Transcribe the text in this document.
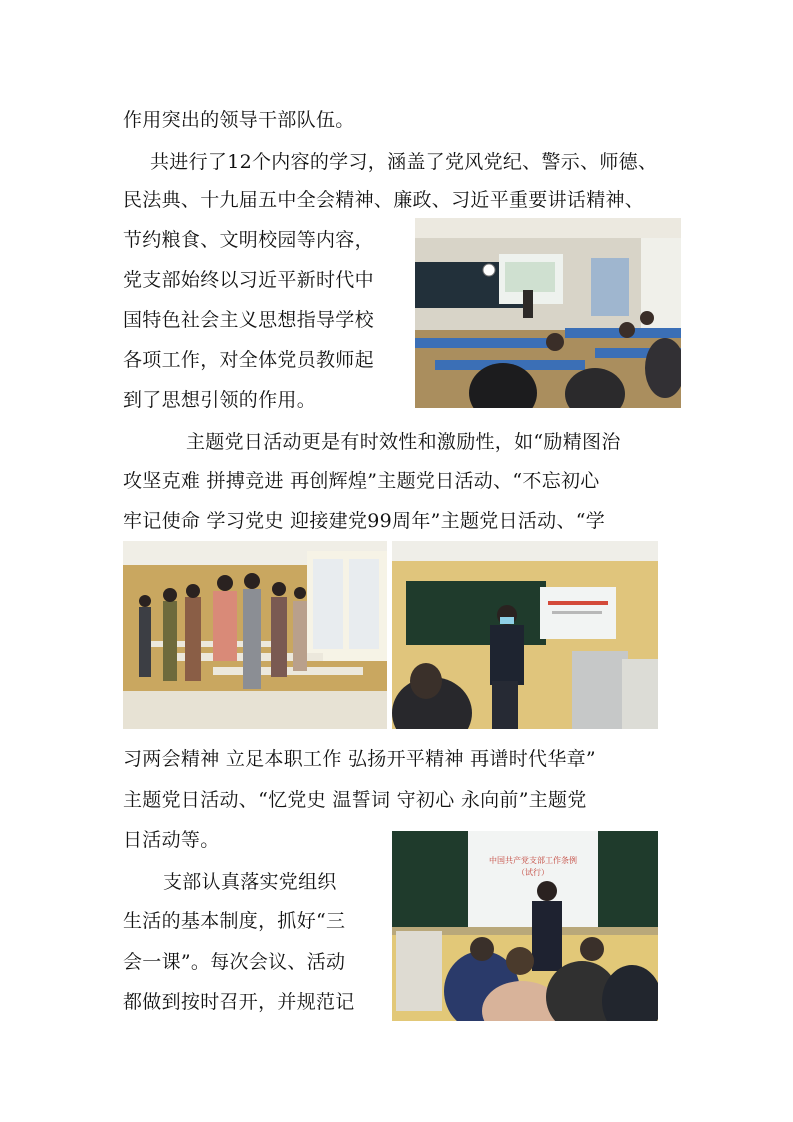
作用突出的领导干部队伍。
共进行了12个内容的学习，涵盖了党风党纪、警示、师德、
民法典、十九届五中全会精神、廉政、习近平重要讲话精神、
节约粮食、文明校园等内容，
党支部始终以习近平新时代中
国特色社会主义思想指导学校
各项工作，对全体党员教师起
到了思想引领的作用。
主题党日活动更是有时效性和激励性，如“励精图治
攻坚克难 拼搏竞进 再创辉煌”主题党日活动、“不忘初心
牢记使命 学习党史 迎接建党99周年”主题党日活动、“学
习两会精神 立足本职工作 弘扬开平精神 再谱时代华章”
主题党日活动、“忆党史 温誓词 守初心 永向前”主题党
日活动等。
支部认真落实党组织
生活的基本制度，抓好“三
会一课”。每次会议、活动
都做到按时召开，并规范记
中国共产党支部工作条例
（试行）
